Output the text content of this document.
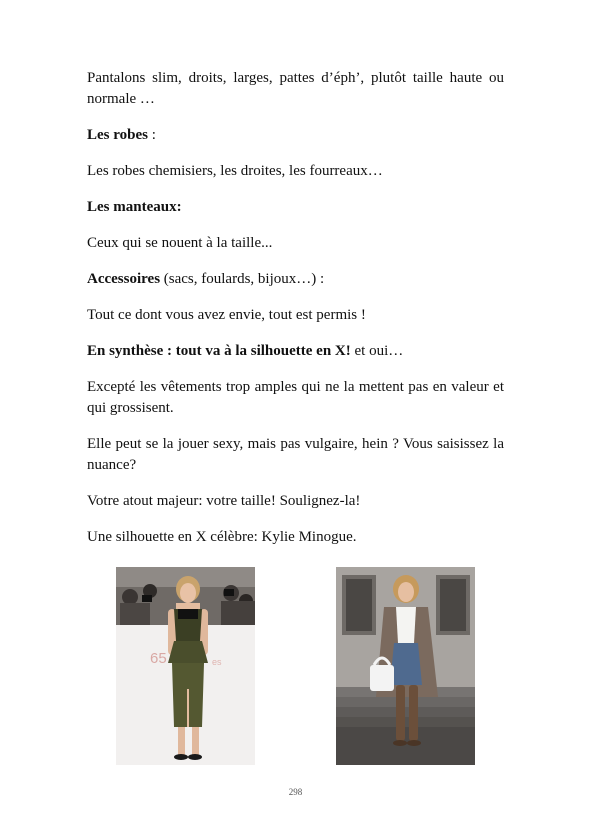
Pantalons slim, droits, larges, pattes d’éph’, plutôt taille haute ou normale …

Les robes :

Les robes chemisiers, les droites, les fourreaux…

Les manteaux:

Ceux qui se nouent à la taille...

Accessoires (sacs, foulards, bijoux…) :

Tout ce dont vous avez envie, tout est permis !

En synthèse : tout va à la silhouette en X! et oui…

Excepté les vêtements trop amples qui ne la mettent pas en valeur et qui grossisent.

Elle peut se la jouer sexy, mais pas vulgaire, hein ? Vous saisissez la nuance?

Votre atout majeur: votre taille! Soulignez-la!

Une silhouette en X célèbre: Kylie Minogue.

65	es
298
